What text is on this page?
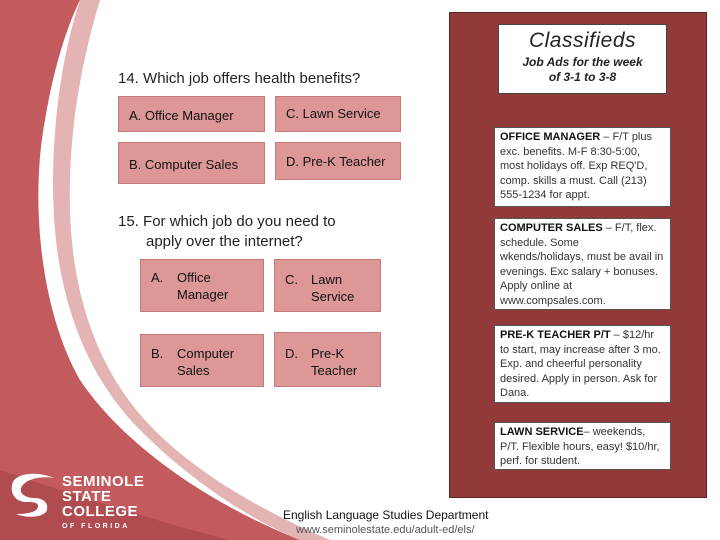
14. Which job offers health benefits?
A. Office Manager	C. Lawn Service
B. Computer Sales	D. Pre-K Teacher
15. For which job do you need to
apply over the internet?
A. Office
Manager
C. Lawn
Service
B. Computer
Sales
D. Pre-K
Teacher
Classifieds
Job Ads for the week
of 3-1 to 3-8
OFFICE MANAGER – F/T plus exc. benefits. M-F 8:30-5:00, most holidays off. Exp REQ'D, comp. skills a must. Call (213) 555-1234 for appt.
COMPUTER SALES – F/T, flex. schedule. Some wkends/holidays, must be avail in evenings. Exc salary + bonuses. Apply online at www.compsales.com.
PRE-K TEACHER P/T – $12/hr to start, may increase after 3 mo. Exp. and cheerful personality desired. Apply in person. Ask for Dana.
LAWN SERVICE– weekends, P/T. Flexible hours, easy! $10/hr, perf. for student.
SEMINOLE
STATE
COLLEGE
OF FLORIDA
English Language Studies Department
www.seminolestate.edu/adult-ed/els/
